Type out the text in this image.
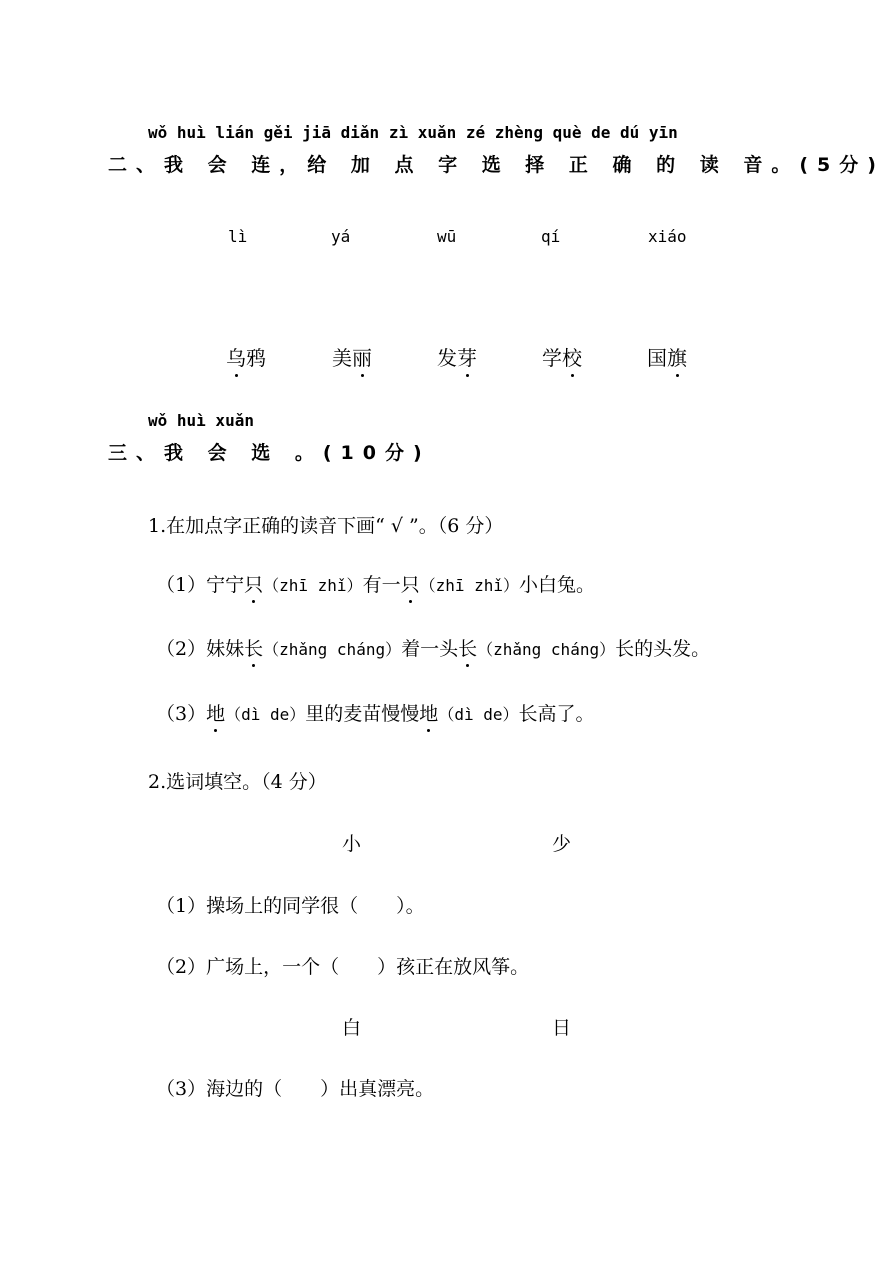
wǒ huì lián gěi jiā diǎn zì xuǎn zé zhèng què de dú yīn
二、我 会 连，给 加 点 字 选 择 正 确 的 读 音。(5分)
lì	yá	wū	qí	xiáo
乌鸦	美丽	发芽	学校	国旗
wǒ huì xuǎn
三、我 会 选 。(10分)
1.在加点字正确的读音下画“ √ ”。（6 分）
（1）宁宁只（zhī zhǐ）有一只（zhī zhǐ）小白兔。
（2）妹妹长（zhǎng cháng）着一头长（zhǎng cháng）长的头发。
（3）地（dì de）里的麦苗慢慢地（dì de）长高了。
2.选词填空。（4 分）
小	少
（1）操场上的同学很（　　）。
（2）广场上，一个（　　）孩正在放风筝。
白	日
（3）海边的（　　）出真漂亮。
